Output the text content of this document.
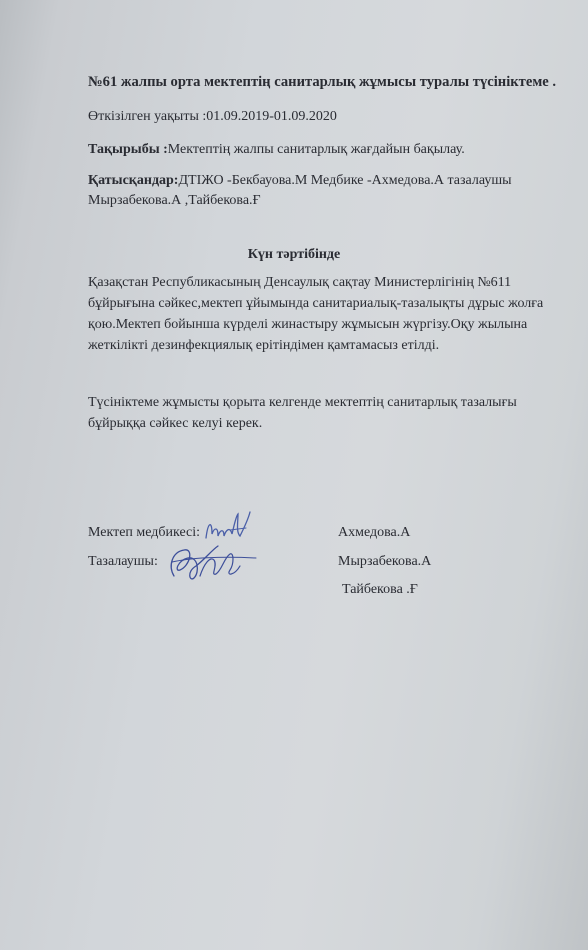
№61 жалпы орта мектептің санитарлық жұмысы туралы түсініктеме .
Өткізілген уақыты :01.09.2019-01.09.2020
Тақырыбы :Мектептің жалпы санитарлық жағдайын бақылау.
Қатысқандар:ДТІЖО -Бекбауова.М Медбике -Ахмедова.А тазалаушы
Мырзабекова.А ,Тайбекова.Ғ
Күн тәртібінде
Қазақстан Республикасының Денсаулық сақтау Министерлігінің №611 бұйрығына сәйкес,мектеп ұйымында санитариалық-тазалықты дұрыс жолға қою.Мектеп бойынша күрделі жинастыру жұмысын жүргізу.Оқу жылына жеткілікті дезинфекциялық ерітіндімен қамтамасыз етілді.
Түсініктеме жұмысты қорыта келгенде мектептің санитарлық тазалығы бұйрыққа сәйкес келуі керек.
Мектеп медбикесі:	Ахмедова.А
Тазалаушы:	Мырзабекова.А
Тайбекова .Ғ
